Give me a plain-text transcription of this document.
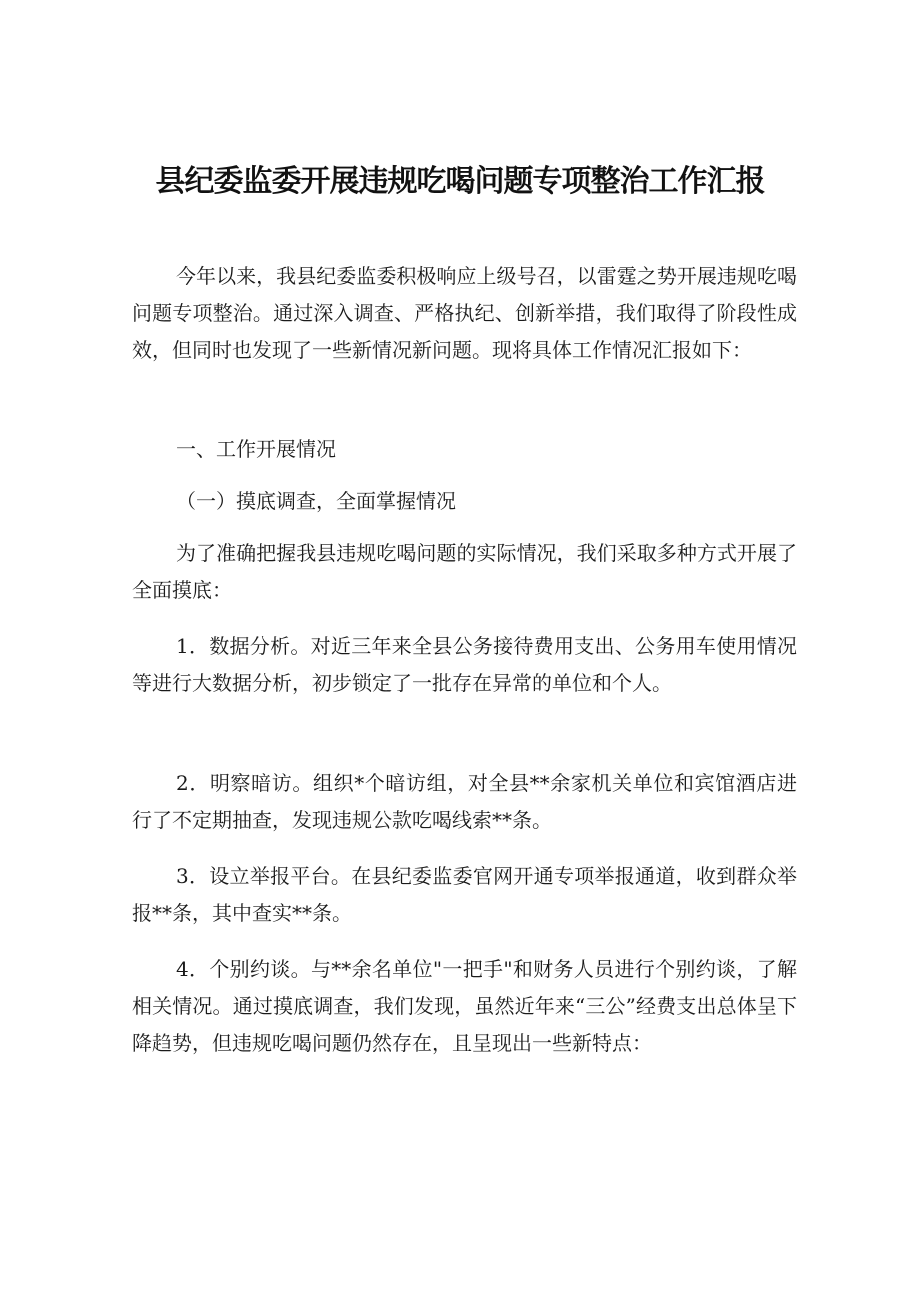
县纪委监委开展违规吃喝问题专项整治工作汇报

今年以来，我县纪委监委积极响应上级号召，以雷霆之势开展违规吃喝问题专项整治。通过深入调查、严格执纪、创新举措，我们取得了阶段性成效，但同时也发现了一些新情况新问题。现将具体工作情况汇报如下：

一、工作开展情况

（一）摸底调查，全面掌握情况

为了准确把握我县违规吃喝问题的实际情况，我们采取多种方式开展了全面摸底：

1．数据分析。对近三年来全县公务接待费用支出、公务用车使用情况等进行大数据分析，初步锁定了一批存在异常的单位和个人。

2．明察暗访。组织*个暗访组，对全县**余家机关单位和宾馆酒店进行了不定期抽查，发现违规公款吃喝线索**条。

3．设立举报平台。在县纪委监委官网开通专项举报通道，收到群众举报**条，其中查实**条。

4．个别约谈。与**余名单位"一把手"和财务人员进行个别约谈，了解相关情况。通过摸底调查，我们发现，虽然近年来“三公”经费支出总体呈下降趋势，但违规吃喝问题仍然存在，且呈现出一些新特点：
